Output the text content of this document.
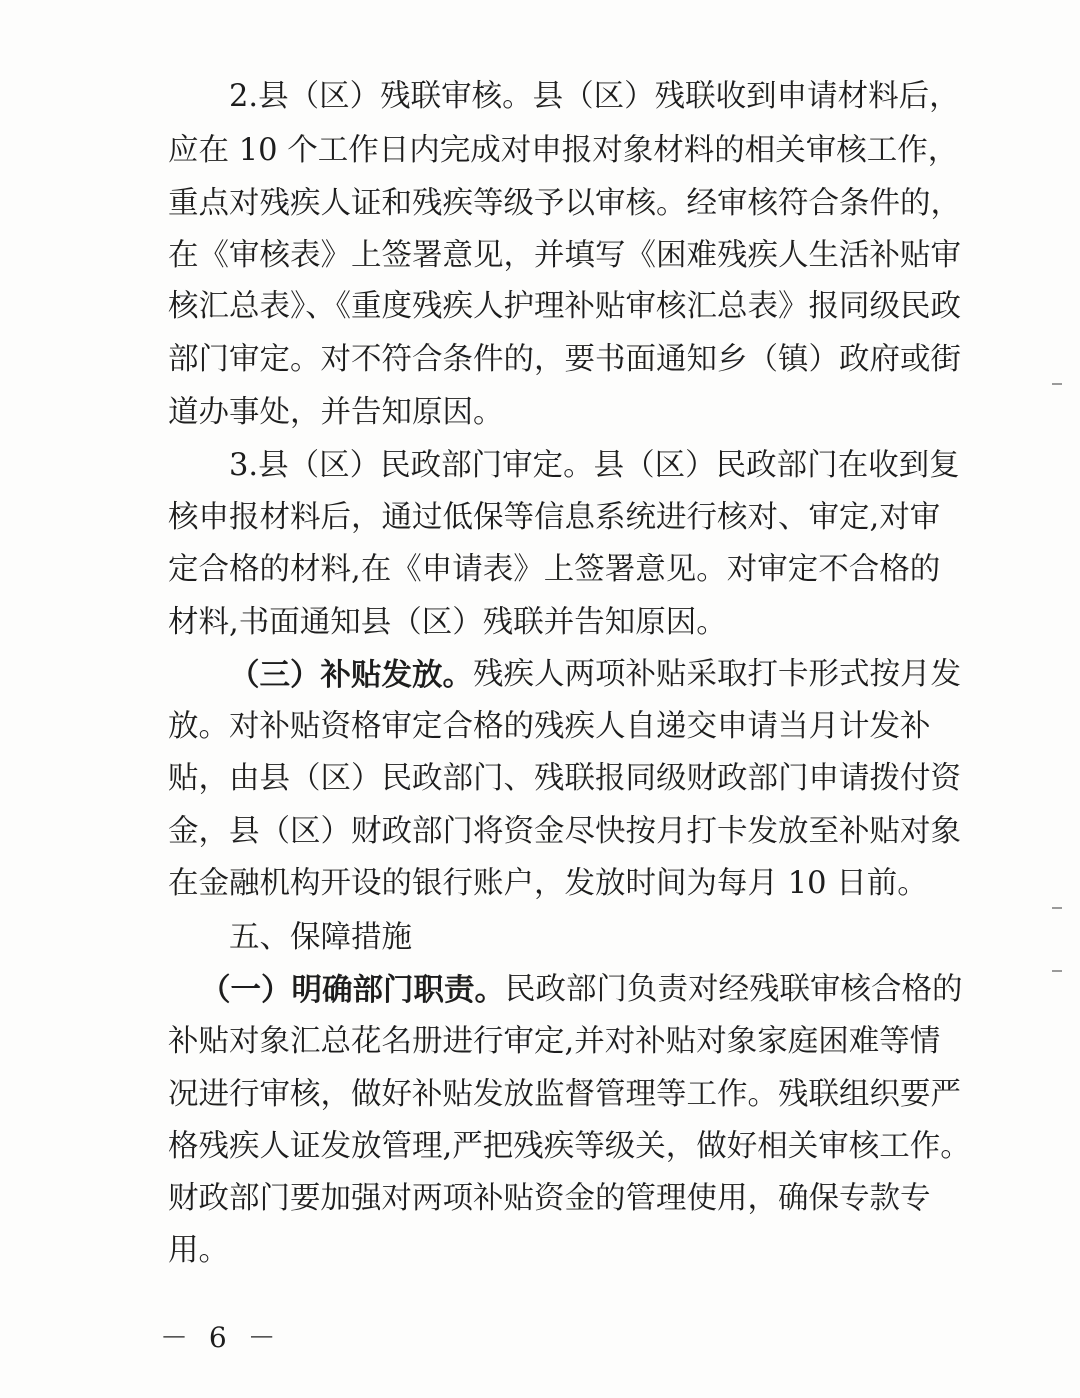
2.县（区）残联审核。县（区）残联收到申请材料后，
应在 10 个工作日内完成对申报对象材料的相关审核工作，
重点对残疾人证和残疾等级予以审核。经审核符合条件的，
在《审核表》上签署意见，并填写《困难残疾人生活补贴审
核汇总表》、《重度残疾人护理补贴审核汇总表》报同级民政
部门审定。对不符合条件的，要书面通知乡（镇）政府或街
道办事处，并告知原因。
3.县（区）民政部门审定。县（区）民政部门在收到复
核申报材料后，通过低保等信息系统进行核对、审定,对审
定合格的材料,在《申请表》上签署意见。对审定不合格的
材料,书面通知县（区）残联并告知原因。
（三）补贴发放。 残疾人两项补贴采取打卡形式按月发
放。对补贴资格审定合格的残疾人自递交申请当月计发补
贴，由县（区）民政部门、残联报同级财政部门申请拨付资
金，县（区）财政部门将资金尽快按月打卡发放至补贴对象
在金融机构开设的银行账户，发放时间为每月 10 日前。
五、保障措施
（一）明确部门职责。 民政部门负责对经残联审核合格的
补贴对象汇总花名册进行审定,并对补贴对象家庭困难等情
况进行审核，做好补贴发放监督管理等工作。残联组织要严
格残疾人证发放管理,严把残疾等级关，做好相关审核工作。
财政部门要加强对两项补贴资金的管理使用，确保专款专
用。
－ 6 －
